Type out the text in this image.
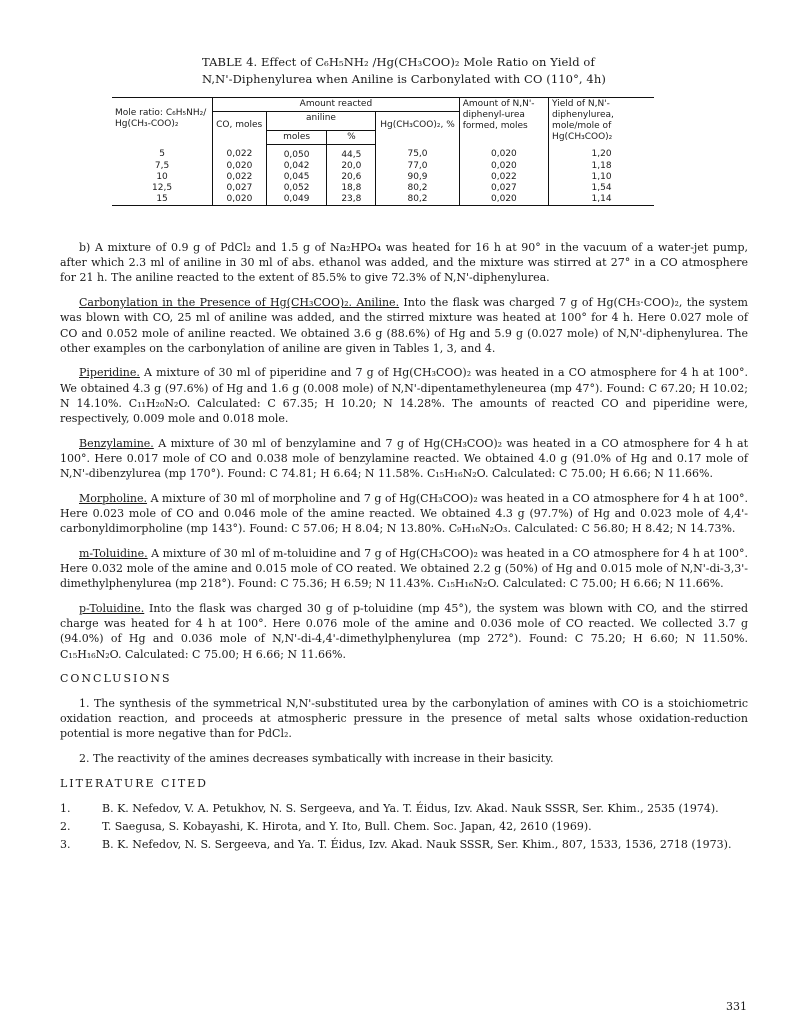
TABLE 4. Effect of C₆H₅NH₂ /Hg(CH₃COO)₂ Mole Ratio on Yield of
N,N'-Diphenylurea when Aniline is Carbonylated with CO (110°, 4h)
Mole ratio: C₆H₅NH₂/ Hg(CH₃-COO)₂	Amount reacted				Amount of N,N'-diphenyl-urea formed, moles	Yield of N,N'-diphenylurea, mole/mole of Hg(CH₃COO)₂
	CO, moles	aniline		Hg(CH₃COO)₂, %		
		moles	%			
5	0,022	0,050	44,5	75,0	0,020	1,20
7,5	0,020	0,042	20,0	77,0	0,020	1,18
10	0,022	0,045	20,6	90,9	0,022	1,10
12,5	0,027	0,052	18,8	80,2	0,027	1,54
15	0,020	0,049	23,8	80,2	0,020	1,14

b) A mixture of 0.9 g of PdCl₂ and 1.5 g of Na₂HPO₄ was heated for 16 h at 90° in the vacuum of a water-jet pump, after which 2.3 ml of aniline in 30 ml of abs. ethanol was added, and the mixture was stirred at 27° in a CO atmosphere for 21 h. The aniline reacted to the extent of 85.5% to give 72.3% of N,N'-diphenylurea.

Carbonylation in the Presence of Hg(CH₃COO)₂. Aniline. Into the flask was charged 7 g of Hg(CH₃·COO)₂, the system was blown with CO, 25 ml of aniline was added, and the stirred mixture was heated at 100° for 4 h. Here 0.027 mole of CO and 0.052 mole of aniline reacted. We obtained 3.6 g (88.6%) of Hg and 5.9 g (0.027 mole) of N,N'-diphenylurea. The other examples on the carbonylation of aniline are given in Tables 1, 3, and 4.

Piperidine. A mixture of 30 ml of piperidine and 7 g of Hg(CH₃COO)₂ was heated in a CO atmosphere for 4 h at 100°. We obtained 4.3 g (97.6%) of Hg and 1.6 g (0.008 mole) of N,N'-dipentamethyleneurea (mp 47°). Found: C 67.20; H 10.02; N 14.10%. C₁₁H₂₀N₂O. Calculated: C 67.35; H 10.20; N 14.28%. The amounts of reacted CO and piperidine were, respectively, 0.009 mole and 0.018 mole.

Benzylamine. A mixture of 30 ml of benzylamine and 7 g of Hg(CH₃COO)₂ was heated in a CO atmosphere for 4 h at 100°. Here 0.017 mole of CO and 0.038 mole of benzylamine reacted. We obtained 4.0 g (91.0% of Hg and 0.17 mole of N,N'-dibenzylurea (mp 170°). Found: C 74.81; H 6.64; N 11.58%. C₁₅H₁₆N₂O. Calculated: C 75.00; H 6.66; N 11.66%.

Morpholine. A mixture of 30 ml of morpholine and 7 g of Hg(CH₃COO)₂ was heated in a CO atmosphere for 4 h at 100°. Here 0.023 mole of CO and 0.046 mole of the amine reacted. We obtained 4.3 g (97.7%) of Hg and 0.023 mole of 4,4'-carbonyldimorpholine (mp 143°). Found: C 57.06; H 8.04; N 13.80%. C₉H₁₆N₂O₃. Calculated: C 56.80; H 8.42; N 14.73%.

m-Toluidine. A mixture of 30 ml of m-toluidine and 7 g of Hg(CH₃COO)₂ was heated in a CO atmosphere for 4 h at 100°. Here 0.032 mole of the amine and 0.015 mole of CO reated. We obtained 2.2 g (50%) of Hg and 0.015 mole of N,N'-di-3,3'-dimethylphenylurea (mp 218°). Found: C 75.36; H 6.59; N 11.43%. C₁₅H₁₆N₂O. Calculated: C 75.00; H 6.66; N 11.66%.

p-Toluidine. Into the flask was charged 30 g of p-toluidine (mp 45°), the system was blown with CO, and the stirred charge was heated for 4 h at 100°. Here 0.076 mole of the amine and 0.036 mole of CO reacted. We collected 3.7 g (94.0%) of Hg and 0.036 mole of N,N'-di-4,4'-dimethylphenylurea (mp 272°). Found: C 75.20; H 6.60; N 11.50%. C₁₅H₁₆N₂O. Calculated: C 75.00; H 6.66; N 11.66%.

CONCLUSIONS

1. The synthesis of the symmetrical N,N'-substituted urea by the carbonylation of amines with CO is a stoichiometric oxidation reaction, and proceeds at atmospheric pressure in the presence of metal salts whose oxidation-reduction potential is more negative than for PdCl₂.

2. The reactivity of the amines decreases symbatically with increase in their basicity.

LITERATURE CITED

1.	B. K. Nefedov, V. A. Petukhov, N. S. Sergeeva, and Ya. T. Éidus, Izv. Akad. Nauk SSSR, Ser. Khim., 2535 (1974).
2.	T. Saegusa, S. Kobayashi, K. Hirota, and Y. Ito, Bull. Chem. Soc. Japan, 42, 2610 (1969).
3.	B. K. Nefedov, N. S. Sergeeva, and Ya. T. Éidus, Izv. Akad. Nauk SSSR, Ser. Khim., 807, 1533, 1536, 2718 (1973).
331
